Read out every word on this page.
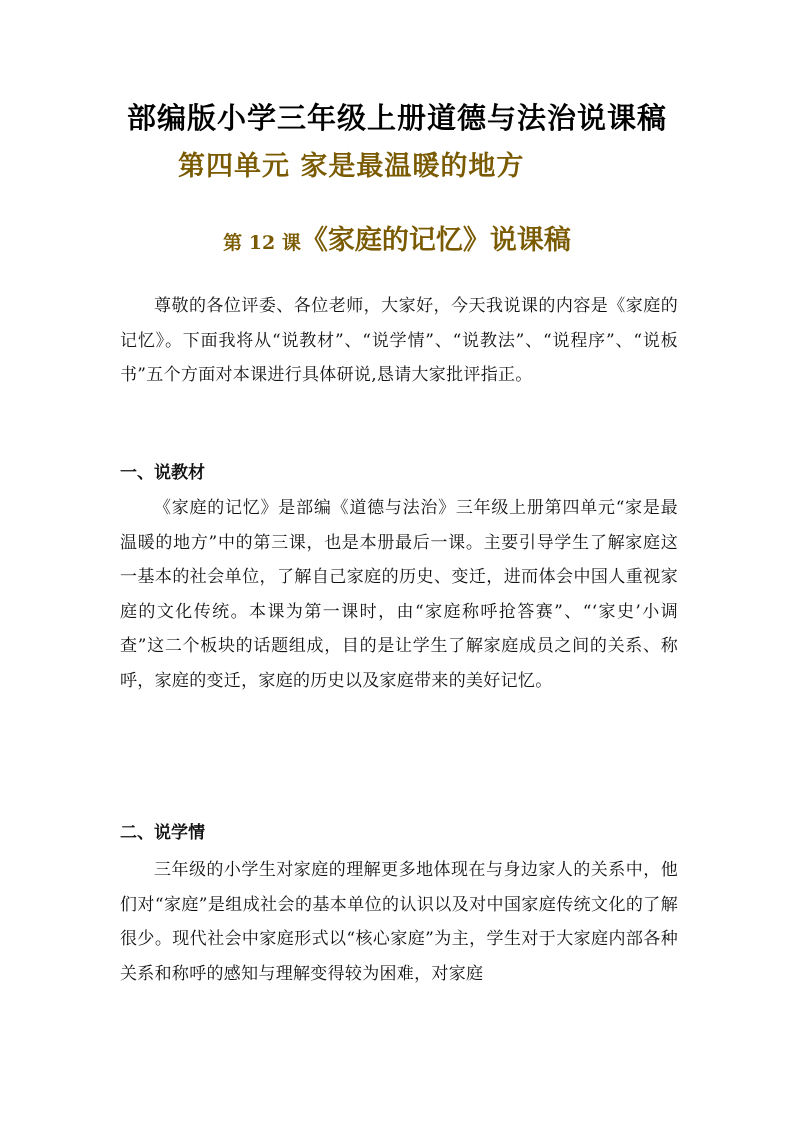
部编版小学三年级上册道德与法治说课稿
第四单元 家是最温暖的地方
第 12 课《家庭的记忆》说课稿
尊敬的各位评委、各位老师，大家好，今天我说课的内容是《家庭的记忆》。下面我将从“说教材”、“说学情”、“说教法”、“说程序”、“说板书”五个方面对本课进行具体研说,恳请大家批评指正。
一、说教材
《家庭的记忆》是部编《道德与法治》三年级上册第四单元“家是最温暖的地方”中的第三课，也是本册最后一课。主要引导学生了解家庭这一基本的社会单位，了解自己家庭的历史、变迁，进而体会中国人重视家庭的文化传统。本课为第一课时，由“家庭称呼抢答赛”、“‘家史’小调查”这二个板块的话题组成，目的是让学生了解家庭成员之间的关系、称呼，家庭的变迁，家庭的历史以及家庭带来的美好记忆。
二、说学情
三年级的小学生对家庭的理解更多地体现在与身边家人的关系中，他们对“家庭”是组成社会的基本单位的认识以及对中国家庭传统文化的了解很少。现代社会中家庭形式以“核心家庭”为主，学生对于大家庭内部各种关系和称呼的感知与理解变得较为困难，对家庭
